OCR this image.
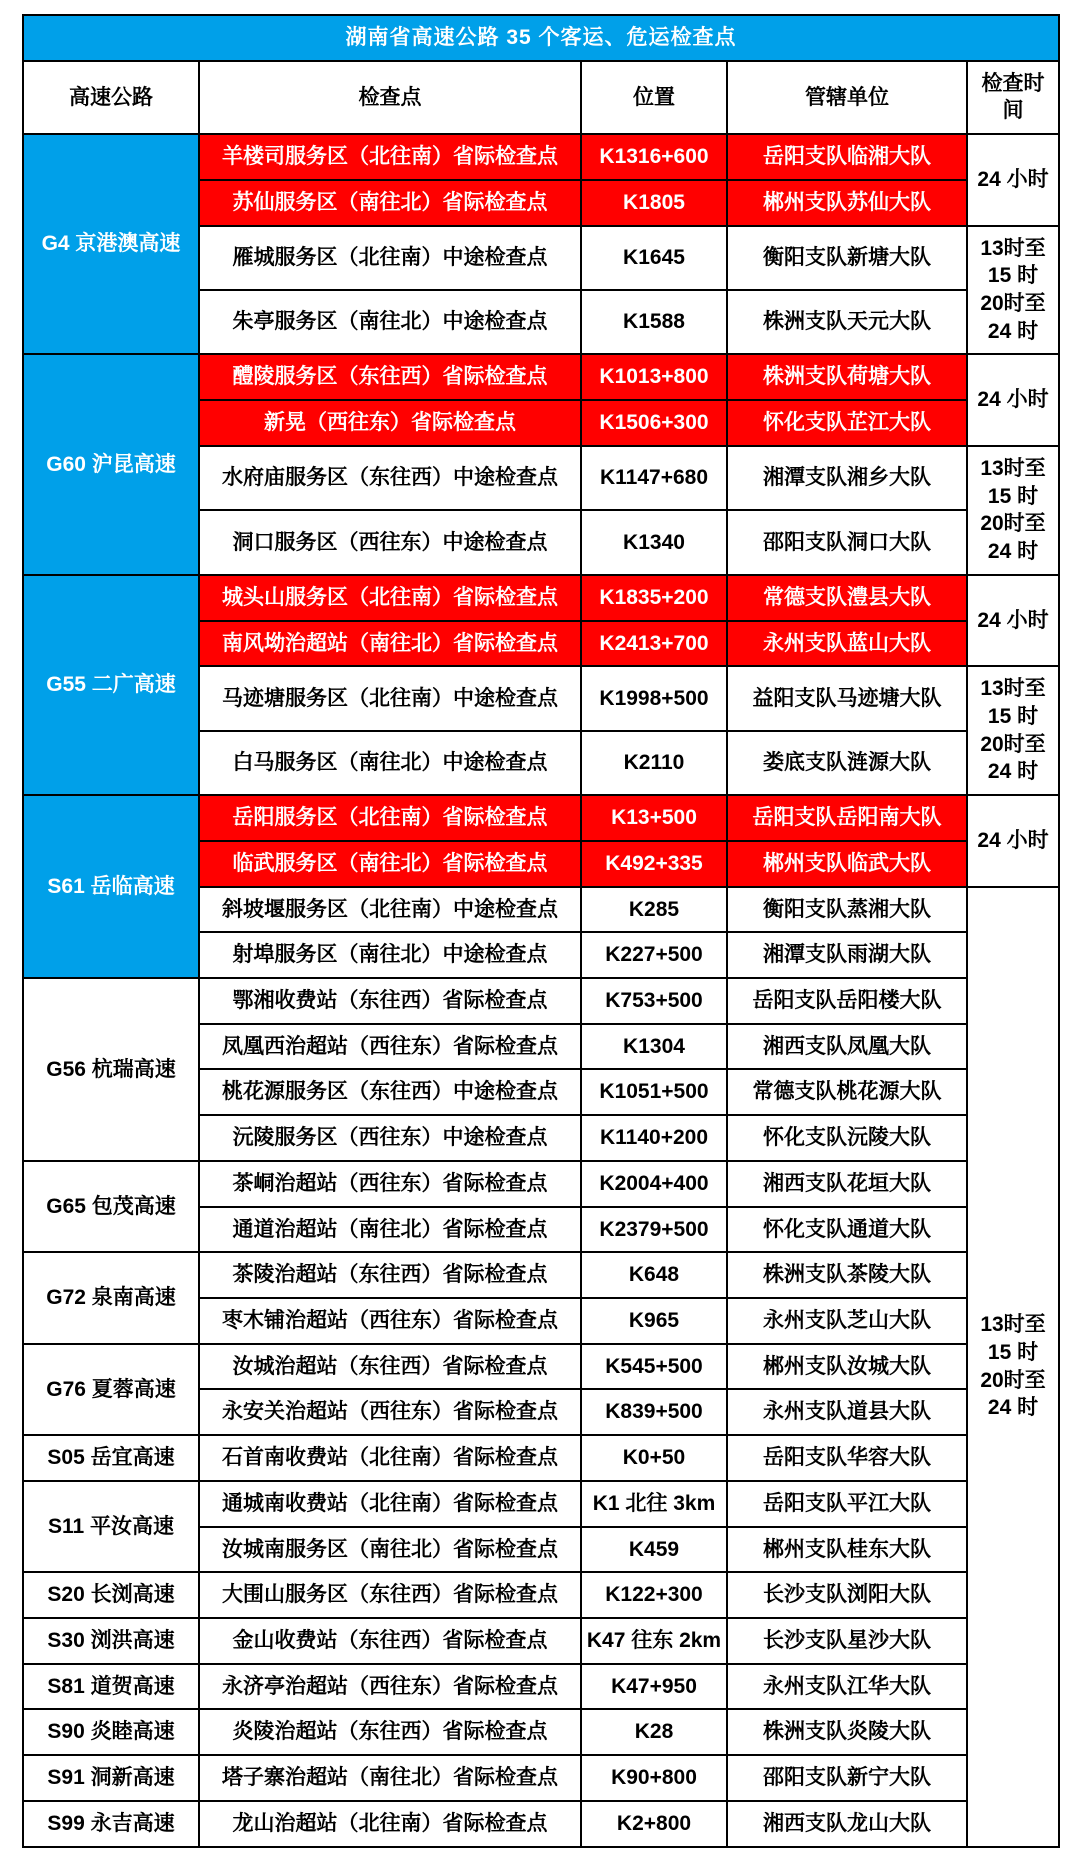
湖南省高速公路 35 个客运、危运检查点				
高速公路	检查点	位置	管辖单位	检查时间
G4 京港澳高速	羊楼司服务区（北往南）省际检查点	K1316+600	岳阳支队临湘大队	24 小时
	苏仙服务区（南往北）省际检查点	K1805	郴州支队苏仙大队	
	雁城服务区（北往南）中途检查点	K1645	衡阳支队新塘大队	13时至
15 时
20时至
24 时

	朱亭服务区（南往北）中途检查点	K1588	株洲支队天元大队	
G60 沪昆高速	醴陵服务区（东往西）省际检查点	K1013+800	株洲支队荷塘大队	24 小时
	新晃（西往东）省际检查点	K1506+300	怀化支队芷江大队	
	水府庙服务区（东往西）中途检查点	K1147+680	湘潭支队湘乡大队	13时至
15 时
20时至
24 时

	洞口服务区（西往东）中途检查点	K1340	邵阳支队洞口大队	
G55 二广高速	城头山服务区（北往南）省际检查点	K1835+200	常德支队澧县大队	24 小时
	南风坳治超站（南往北）省际检查点	K2413+700	永州支队蓝山大队	
	马迹塘服务区（北往南）中途检查点	K1998+500	益阳支队马迹塘大队	13时至
15 时
20时至
24 时

	白马服务区（南往北）中途检查点	K2110	娄底支队涟源大队	
S61 岳临高速	岳阳服务区（北往南）省际检查点	K13+500	岳阳支队岳阳南大队	24 小时
	临武服务区（南往北）省际检查点	K492+335	郴州支队临武大队	
	斜坡堰服务区（北往南）中途检查点	K285	衡阳支队蒸湘大队	13时至
15 时
20时至
24 时

	射埠服务区（南往北）中途检查点	K227+500	湘潭支队雨湖大队	
G56 杭瑞高速	鄂湘收费站（东往西）省际检查点	K753+500	岳阳支队岳阳楼大队	
	凤凰西治超站（西往东）省际检查点	K1304	湘西支队凤凰大队	
	桃花源服务区（东往西）中途检查点	K1051+500	常德支队桃花源大队	
	沅陵服务区（西往东）中途检查点	K1140+200	怀化支队沅陵大队	
G65 包茂高速	茶峒治超站（西往东）省际检查点	K2004+400	湘西支队花垣大队	
	通道治超站（南往北）省际检查点	K2379+500	怀化支队通道大队	
G72 泉南高速	茶陵治超站（东往西）省际检查点	K648	株洲支队茶陵大队	
	枣木铺治超站（西往东）省际检查点	K965	永州支队芝山大队	
G76 夏蓉高速	汝城治超站（东往西）省际检查点	K545+500	郴州支队汝城大队	
	永安关治超站（西往东）省际检查点	K839+500	永州支队道县大队	
S05 岳宜高速	石首南收费站（北往南）省际检查点	K0+50	岳阳支队华容大队	
S11 平汝高速	通城南收费站（北往南）省际检查点	K1 北往 3km	岳阳支队平江大队	
	汝城南服务区（南往北）省际检查点	K459	郴州支队桂东大队	
S20 长浏高速	大围山服务区（东往西）省际检查点	K122+300	长沙支队浏阳大队	
S30 浏洪高速	金山收费站（东往西）省际检查点	K47 往东 2km	长沙支队星沙大队	
S81 道贺高速	永济亭治超站（西往东）省际检查点	K47+950	永州支队江华大队	
S90 炎睦高速	炎陵治超站（东往西）省际检查点	K28	株洲支队炎陵大队	
S91 洞新高速	塔子寨治超站（南往北）省际检查点	K90+800	邵阳支队新宁大队	
S99 永吉高速	龙山治超站（北往南）省际检查点	K2+800	湘西支队龙山大队	
